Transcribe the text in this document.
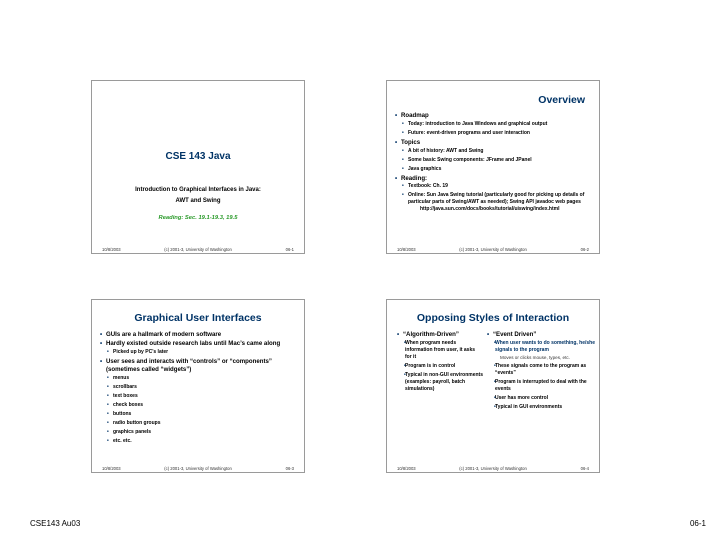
CSE 143 Java
Introduction to Graphical Interfaces in Java:
AWT and Swing
Reading: Sec. 19.1-19.3, 19.5
10/8/2003	(c) 2001-3, University of Washington	06-1
Overview
• Roadmap
• Today: introduction to Java Windows and graphical output
• Future: event-driven programs and user interaction
• Topics
• A bit of history: AWT and Swing
• Some basic Swing components: JFrame and JPanel
• Java graphics
• Reading:
• Textbook: Ch. 19
• Online: Sun Java Swing tutorial (particularly good for picking up details of particular parts of Swing/AWT as needed); Swing API javadoc web pages
http://java.sun.com/docs/books/tutorial/uiswing/index.html
10/8/2003	(c) 2001-3, University of Washington	06-2
Graphical User Interfaces
• GUIs are a hallmark of modern software
• Hardly existed outside research labs until Mac’s came along
• Picked up by PC’s later
• User sees and interacts with “controls” or “components” (sometimes called “widgets”)
• menus
• scrollbars
• text boxes
• check boxes
• buttons
• radio button groups
• graphics panels
• etc. etc.
10/8/2003	(c) 2001-3, University of Washington	06-3
Opposing Styles of Interaction
• “Algorithm-Driven”
• When program needs information from user, it asks for it
• Program is in control
• Typical in non-GUI environments (examples: payroll, batch simulations)
• “Event Driven”
• When user wants to do something, he/she signals to the program
Moves or clicks mouse, types, etc.
• These signals come to the program as “events”
• Program is interrupted to deal with the events
• User has more control
• Typical in GUI environments
10/8/2003	(c) 2001-3, University of Washington	06-4
CSE143 Au03	06-1
